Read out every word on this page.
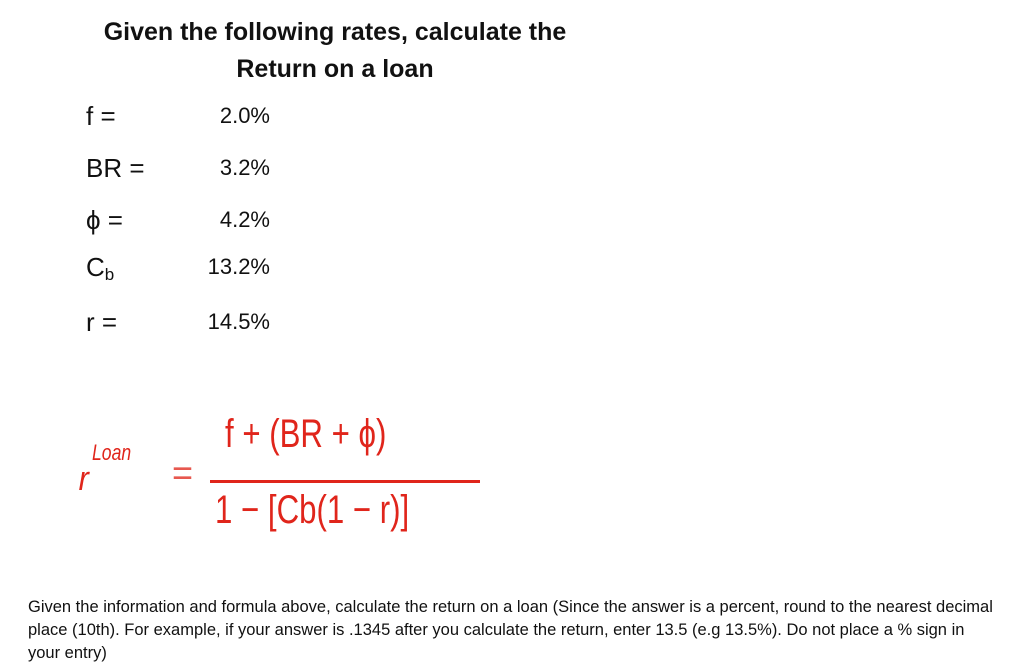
Given the following rates, calculate the
Return on a loan
f =	2.0%
BR =	3.2%
ϕ =	4.2%
$C_b$	13.2%
r =	14.5%
r
Loan =
f + (BR + ϕ)
1 − [Cb(1 − r)]
Given the information and formula above, calculate the return on a loan (Since the answer is a percent, round to the nearest decimal place (10th). For example, if your answer is .1345 after you calculate the return, enter 13.5 (e.g 13.5%). Do not place a % sign in your entry)
